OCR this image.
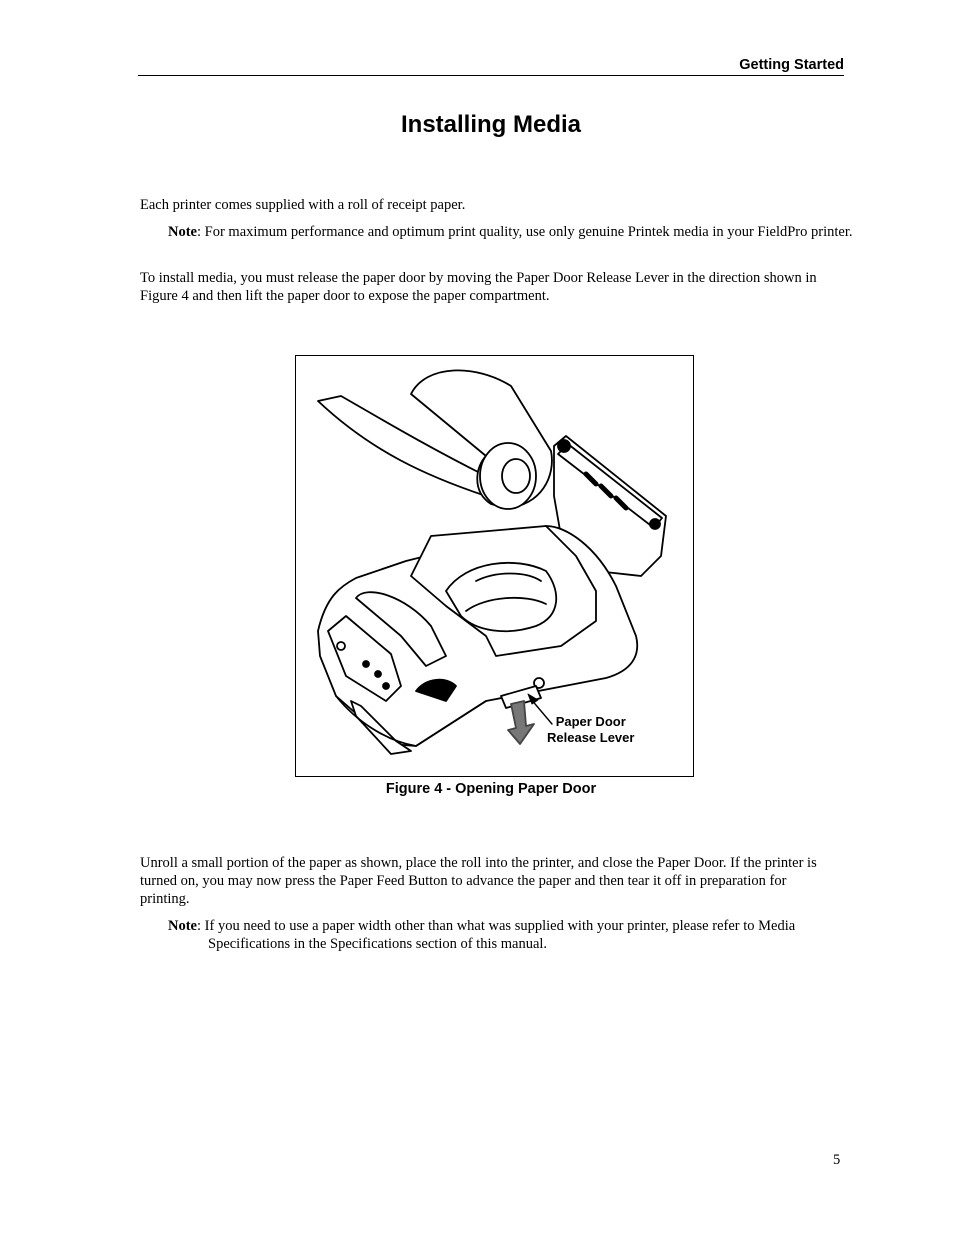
Getting Started
Installing Media

Each printer comes supplied with a roll of receipt paper.

Note: For maximum performance and optimum print quality, use only genuine Printek media in your FieldPro printer.

To install media, you must release the paper door by moving the Paper Door Release Lever in the direction shown in Figure 4 and then lift the paper door to expose the paper compartment.

Paper Door
Release Lever
Figure 4 - Opening Paper Door

Unroll a small portion of the paper as shown, place the roll into the printer, and close the Paper Door. If the printer is turned on, you may now press the Paper Feed Button to advance the paper and then tear it off in preparation for printing.

Note: If you need to use a paper width other than what was supplied with your printer, please refer to Media Specifications in the Specifications section of this manual.

5
